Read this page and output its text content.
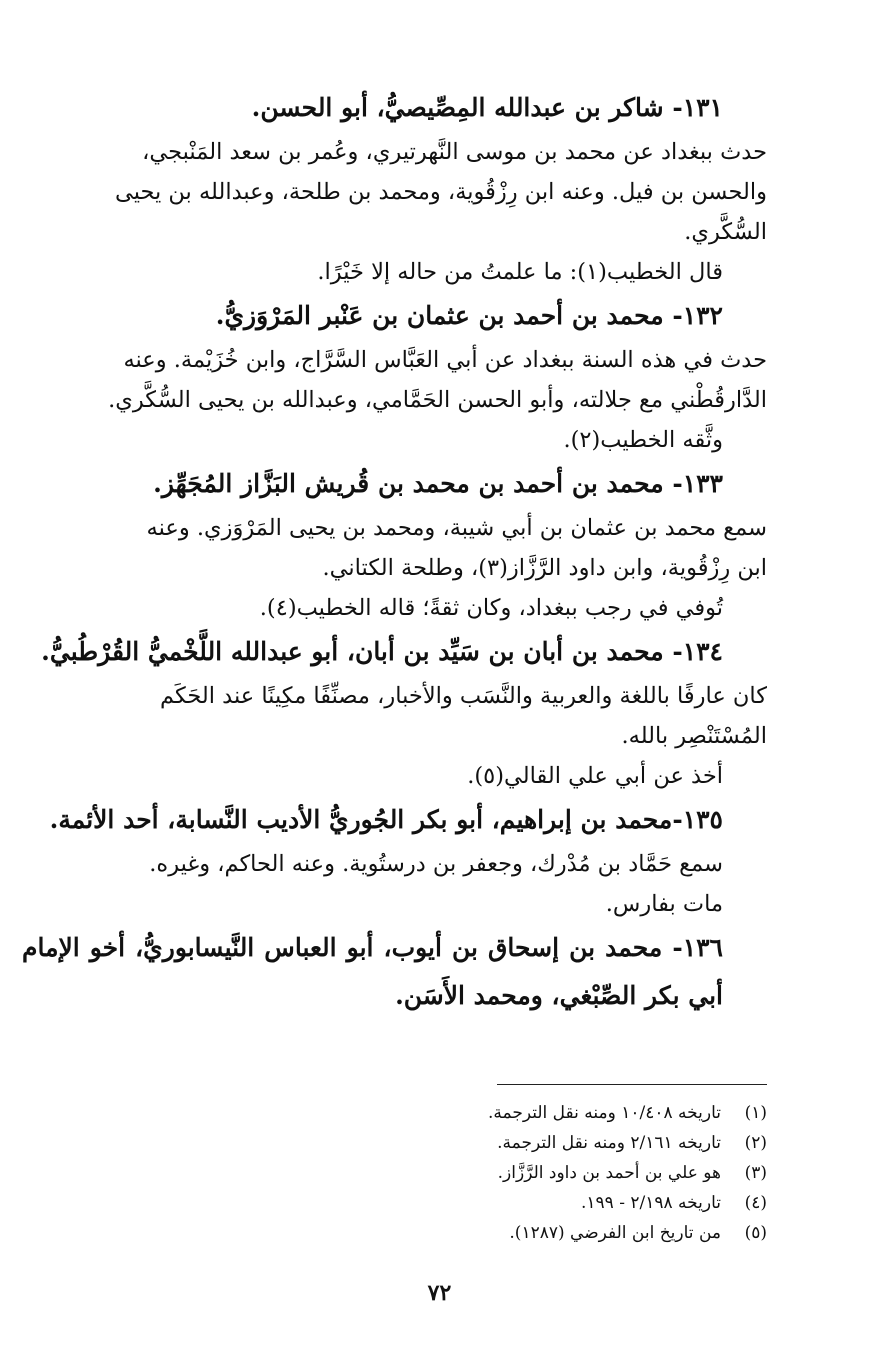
١٣١- شاكر بن عبدالله المِصِّيصيُّ، أبو الحسن.

حدث ببغداد عن محمد بن موسى النَّهرتيري، وعُمر بن سعد المَنْبجي،

والحسن بن فيل. وعنه ابن رِزْقُوية، ومحمد بن طلحة، وعبدالله بن يحيى

السُّكَّري.

قال الخطيب(١): ما علمتُ من حاله إلا خَيْرًا.

١٣٢- محمد بن أحمد بن عثمان بن عَنْبر المَرْوَزيُّ.

حدث في هذه السنة ببغداد عن أبي العَبَّاس السَّرَّاج، وابن خُزَيْمة. وعنه

الدَّارقُطْني مع جلالته، وأبو الحسن الحَمَّامي، وعبدالله بن يحيى السُّكَّري.

وثَّقه الخطيب(٢).

١٣٣- محمد بن أحمد بن محمد بن قُريش البَزَّاز المُجَهِّز.

سمع محمد بن عثمان بن أبي شيبة، ومحمد بن يحيى المَرْوَزي. وعنه

ابن رِزْقُوية، وابن داود الرَّزَّاز(٣)، وطلحة الكتاني.

تُوفي في رجب ببغداد، وكان ثقةً؛ قاله الخطيب(٤).

١٣٤- محمد بن أبان بن سَيِّد بن أبان، أبو عبدالله اللَّخْميُّ القُرْطُبيُّ.

كان عارفًا باللغة والعربية والنَّسَب والأخبار، مصنِّفًا مكِينًا عند الحَكَم

المُسْتَنْصِر بالله.

أخذ عن أبي علي القالي(٥).

١٣٥-محمد بن إبراهيم، أبو بكر الجُوريُّ الأديب النَّسابة، أحد الأئمة.

سمع حَمَّاد بن مُدْرك، وجعفر بن درستُوية. وعنه الحاكم، وغيره.

مات بفارس.

١٣٦- محمد بن إسحاق بن أيوب، أبو العباس النَّيسابوريُّ، أخو الإمام أبي بكر الصِّبْغي، ومحمد الأَسَن.

(١)
تاريخه ١٠/٤٠٨ ومنه نقل الترجمة.
(٢)
تاريخه ٢/١٦١ ومنه نقل الترجمة.
(٣)
هو علي بن أحمد بن داود الرَّزَّاز.
(٤)
تاريخه ٢/١٩٨ - ١٩٩.
(٥)
من تاريخ ابن الفرضي (١٢٨٧).
٧٢
